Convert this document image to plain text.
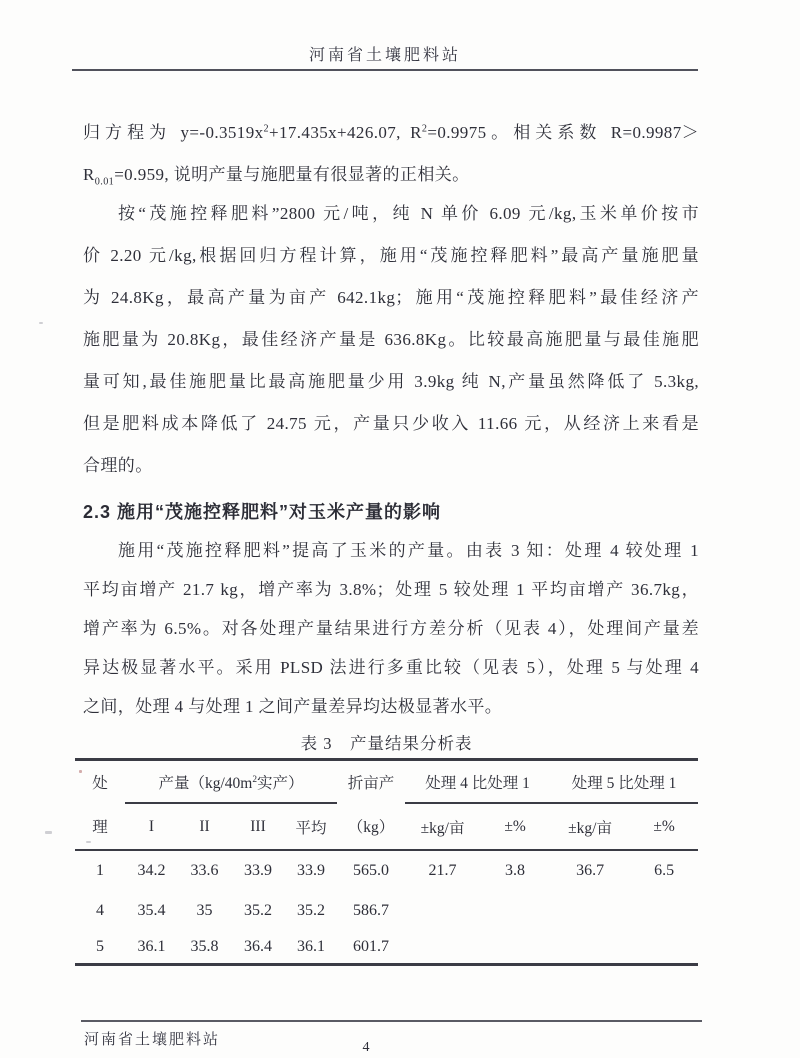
河南省土壤肥料站
归方程为 $y=-0.3519x^2+17.435x+426.07$, $R^2=0.9975$。相关系数 R=0.9987＞
$R_{0.01}=0.959$, 说明产量与施肥量有很显著的正相关。
按“茂施控释肥料”2800 元/吨，纯 N 单价 6.09 元/kg,玉米单价按市
价 2.20 元/kg,根据回归方程计算，施用“茂施控释肥料”最高产量施肥量
为 24.8Kg，最高产量为亩产 642.1kg；施用“茂施控释肥料”最佳经济产
施肥量为 20.8Kg，最佳经济产量是 636.8Kg。比较最高施肥量与最佳施肥
量可知,最佳施肥量比最高施肥量少用 3.9kg 纯 N,产量虽然降低了 5.3kg,
但是肥料成本降低了 24.75 元，产量只少收入 11.66 元，从经济上来看是
合理的。
2.3 施用“茂施控释肥料”对玉米产量的影响
施用“茂施控释肥料”提高了玉米的产量。由表 3 知：处理 4 较处理 1
平均亩增产 21.7 kg，增产率为 3.8%；处理 5 较处理 1 平均亩增产 36.7kg，
增产率为 6.5%。对各处理产量结果进行方差分析（见表 4），处理间产量差
异达极显著水平。采用 PLSD 法进行多重比较（见表 5），处理 5 与处理 4
之间，处理 4 与处理 1 之间产量差异均达极显著水平。
表 3　产量结果分析表
处	产量（$kg/40m^2$实产）				折亩产	处理 4 比处理 1		处理 5 比处理 1	
理	I	II	III	平均	（kg）	±kg/亩	±%	±kg/亩	±%
1	34.2	33.6	33.9	33.9	565.0	21.7	3.8	36.7	6.5
4	35.4	35	35.2	35.2	586.7				
5	36.1	35.8	36.4	36.1	601.7				
河南省土壤肥料站	4
